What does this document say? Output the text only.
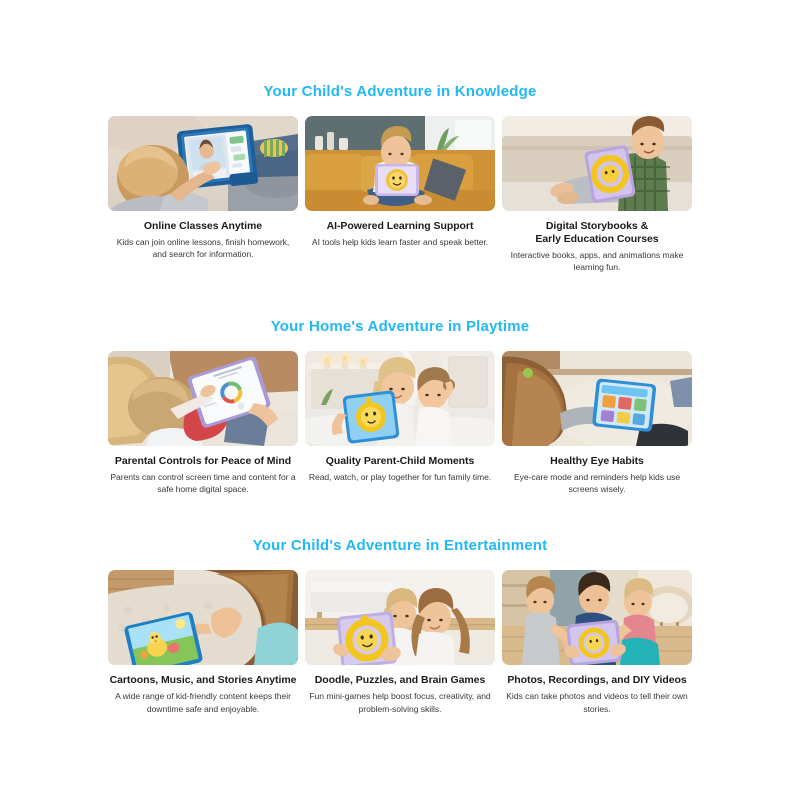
Your Child's Adventure in Knowledge
Online Classes Anytime
Kids can join online lessons, finish homework, and search for information.
AI-Powered Learning Support
AI tools help kids learn faster and speak better.
Digital Storybooks &
Early Education Courses
Interactive books, apps, and animations make learning fun.
Your Home's Adventure in Playtime
Parental Controls for Peace of Mind
Parents can control screen time and content for a safe home digital space.
Quality Parent-Child Moments
Read, watch, or play together for fun family time.
Healthy Eye Habits
Eye-care mode and reminders help kids use screens wisely.
Your Child's Adventure in Entertainment
Cartoons, Music, and Stories Anytime
A wide range of kid-friendly content keeps their downtime safe and enjoyable.
Doodle, Puzzles, and Brain Games
Fun mini-games help boost focus, creativity, and problem-solving skills.
Photos, Recordings, and DIY Videos
Kids can take photos and videos to tell their own stories.
